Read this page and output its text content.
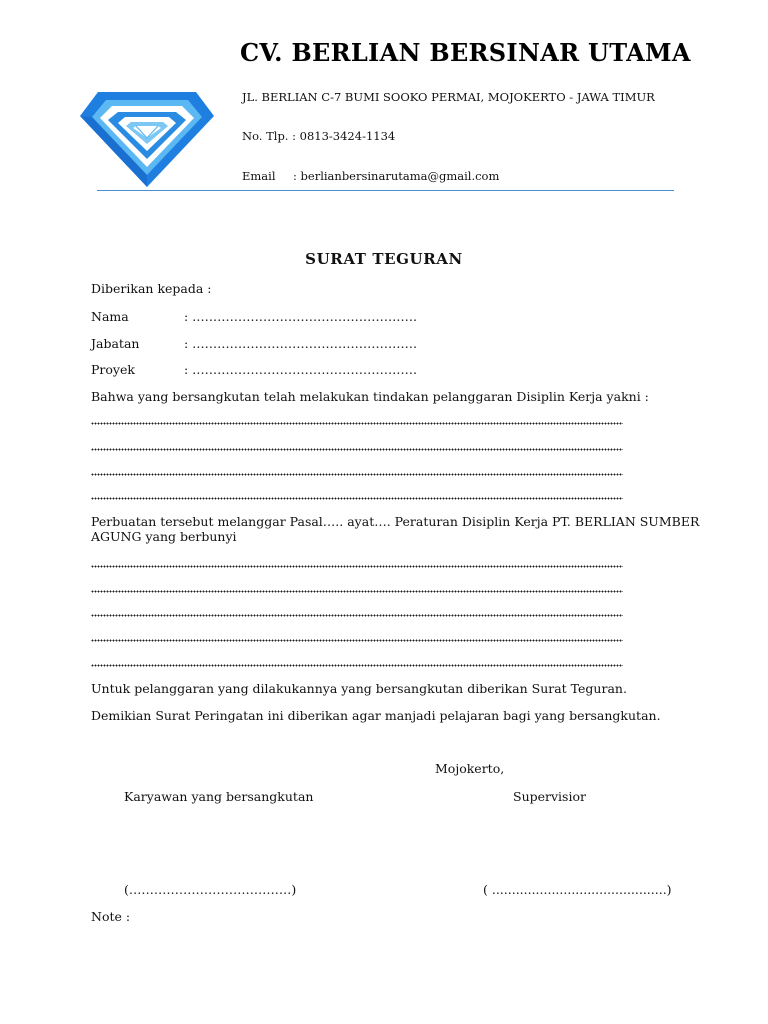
CV. BERLIAN BERSINAR UTAMA
JL. BERLIAN C-7 BUMI SOOKO PERMAI, MOJOKERTO - JAWA TIMUR
No. Tlp. : 0813-3424-1134
Email : berlianbersinarutama@gmail.com
SURAT TEGURAN
Diberikan kepada :
Nama	: ………………………………………………
Jabatan	: ………………………………………………
Proyek	: ………………………………………………
Bahwa yang bersangkutan telah melakukan tindakan pelanggaran Disiplin Kerja yakni :
Perbuatan tersebut melanggar Pasal….. ayat…. Peraturan Disiplin Kerja PT. BERLIAN SUMBER
AGUNG yang berbunyi
Untuk pelanggaran yang dilakukannya yang bersangkutan diberikan Surat Teguran.
Demikian Surat Peringatan ini diberikan agar manjadi pelajaran bagi yang bersangkutan.
Mojokerto,
Karyawan yang bersangkutan	Supervisior
(…………………………………)	( ............................................)
Note :
